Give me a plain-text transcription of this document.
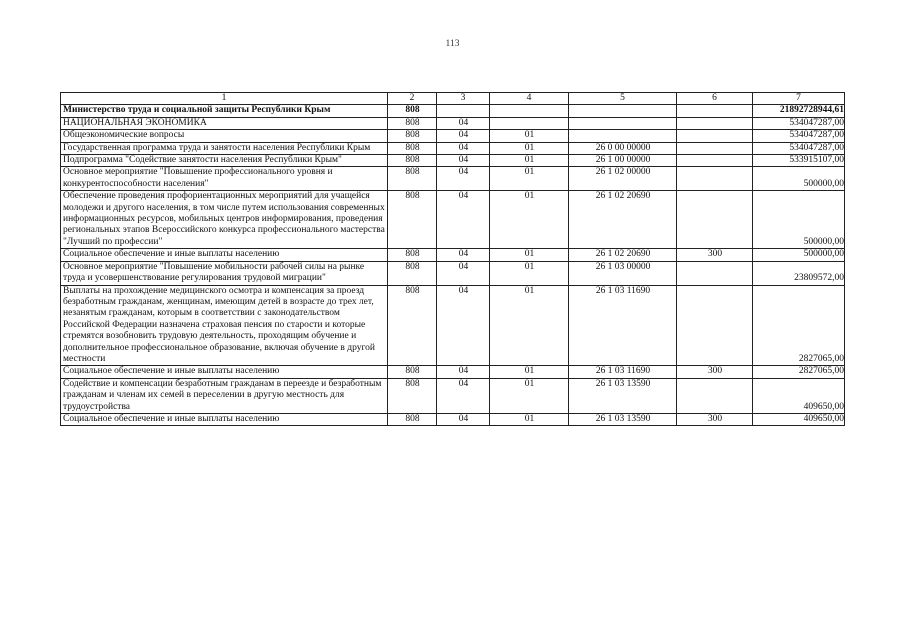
113
1	2	3	4	5	6	7
Министерство труда и социальной защиты Республики Крым	808					21892728944,61
НАЦИОНАЛЬНАЯ ЭКОНОМИКА	808	04				534047287,00
Общеэкономические вопросы	808	04	01			534047287,00
Государственная программа труда и занятости населения Республики Крым	808	04	01	26 0 00 00000		534047287,00
Подпрограмма "Содействие занятости населения Республики Крым"	808	04	01	26 1 00 00000		533915107,00
Основное мероприятие "Повышение профессионального уровня и конкурентоспособности населения"	808	04	01	26 1 02 00000		500000,00
Обеспечение проведения профориентационных мероприятий для учащейся молодежи и другого населения, в том числе путем использования современных информационных ресурсов, мобильных центров информирования, проведения региональных этапов Всероссийского конкурса профессионального мастерства "Лучший по профессии"	808	04	01	26 1 02 20690		500000,00
Социальное обеспечение и иные выплаты населению	808	04	01	26 1 02 20690	300	500000,00
Основное мероприятие "Повышение мобильности рабочей силы на рынке труда и усовершенствование регулирования трудовой миграции"	808	04	01	26 1 03 00000		23809572,00
Выплаты на прохождение медицинского осмотра и компенсация за проезд безработным гражданам, женщинам, имеющим детей в возрасте до трех лет, незанятым гражданам, которым в соответствии с законодательством Российской Федерации назначена страховая пенсия по старости и которые стремятся возобновить трудовую деятельность, проходящим обучение и дополнительное профессиональное образование, включая обучение в другой местности	808	04	01	26 1 03 11690		2827065,00
Социальное обеспечение и иные выплаты населению	808	04	01	26 1 03 11690	300	2827065,00
Содействие и компенсации безработным гражданам в переезде и безработным гражданам и членам их семей в переселении в другую местность для трудоустройства	808	04	01	26 1 03 13590		409650,00
Социальное обеспечение и иные выплаты населению	808	04	01	26 1 03 13590	300	409650,00
